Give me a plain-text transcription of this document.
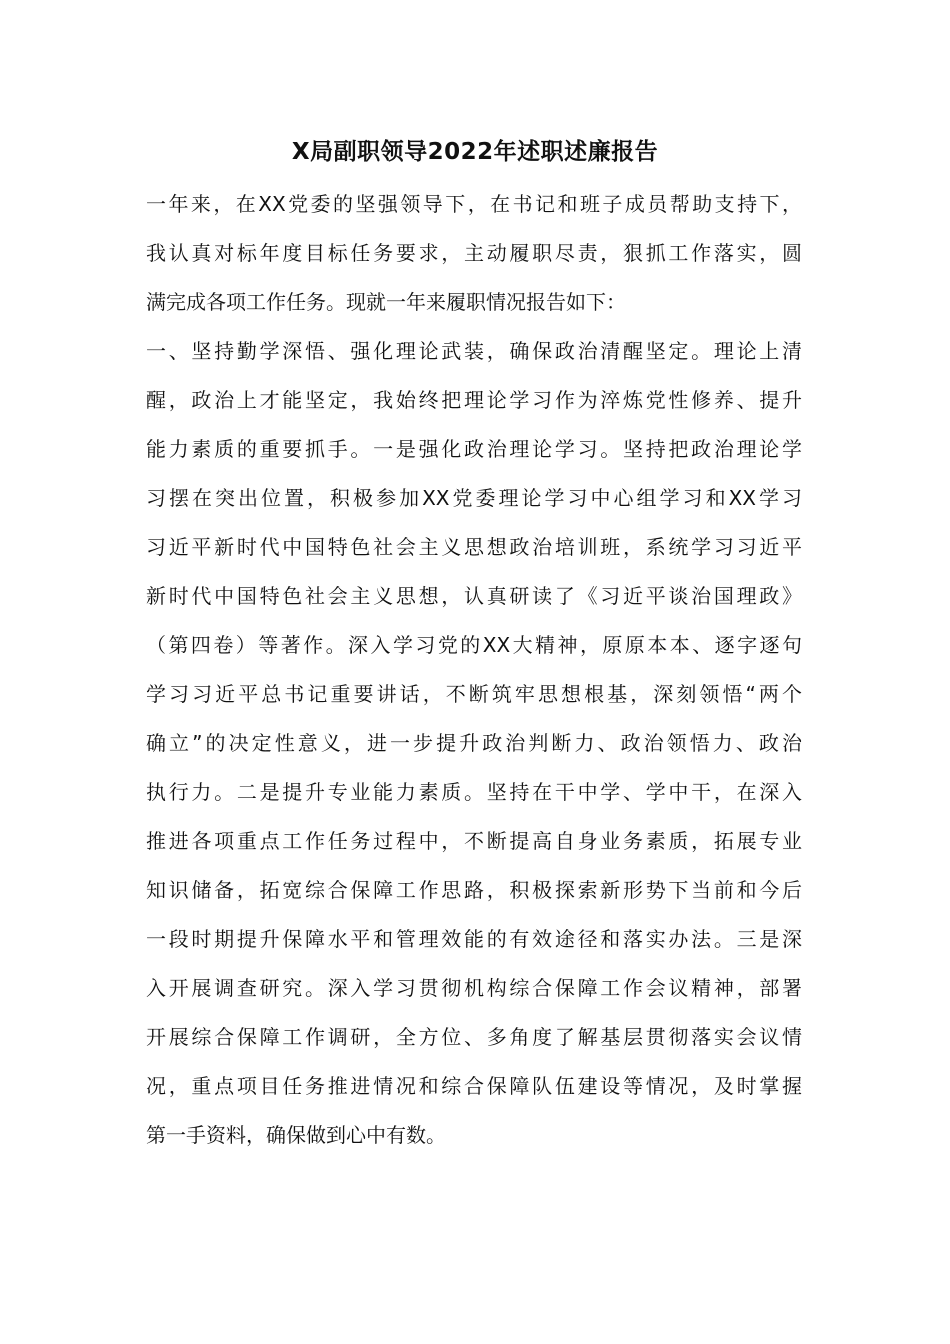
X局副职领导2022年述职述廉报告
一年来，在XX党委的坚强领导下，在书记和班子成员帮助支持下，
我认真对标年度目标任务要求，主动履职尽责，狠抓工作落实，圆
满完成各项工作任务。现就一年来履职情况报告如下：
一、坚持勤学深悟、强化理论武装，确保政治清醒坚定。理论上清
醒，政治上才能坚定，我始终把理论学习作为淬炼党性修养、提升
能力素质的重要抓手。一是强化政治理论学习。坚持把政治理论学
习摆在突出位置，积极参加XX党委理论学习中心组学习和XX学习
习近平新时代中国特色社会主义思想政治培训班，系统学习习近平
新时代中国特色社会主义思想，认真研读了《习近平谈治国理政》
（第四卷）等著作。深入学习党的XX大精神，原原本本、逐字逐句
学习习近平总书记重要讲话，不断筑牢思想根基，深刻领悟“两个
确立”的决定性意义，进一步提升政治判断力、政治领悟力、政治
执行力。二是提升专业能力素质。坚持在干中学、学中干，在深入
推进各项重点工作任务过程中，不断提高自身业务素质，拓展专业
知识储备，拓宽综合保障工作思路，积极探索新形势下当前和今后
一段时期提升保障水平和管理效能的有效途径和落实办法。三是深
入开展调查研究。深入学习贯彻机构综合保障工作会议精神，部署
开展综合保障工作调研，全方位、多角度了解基层贯彻落实会议情
况，重点项目任务推进情况和综合保障队伍建设等情况，及时掌握
第一手资料，确保做到心中有数。
